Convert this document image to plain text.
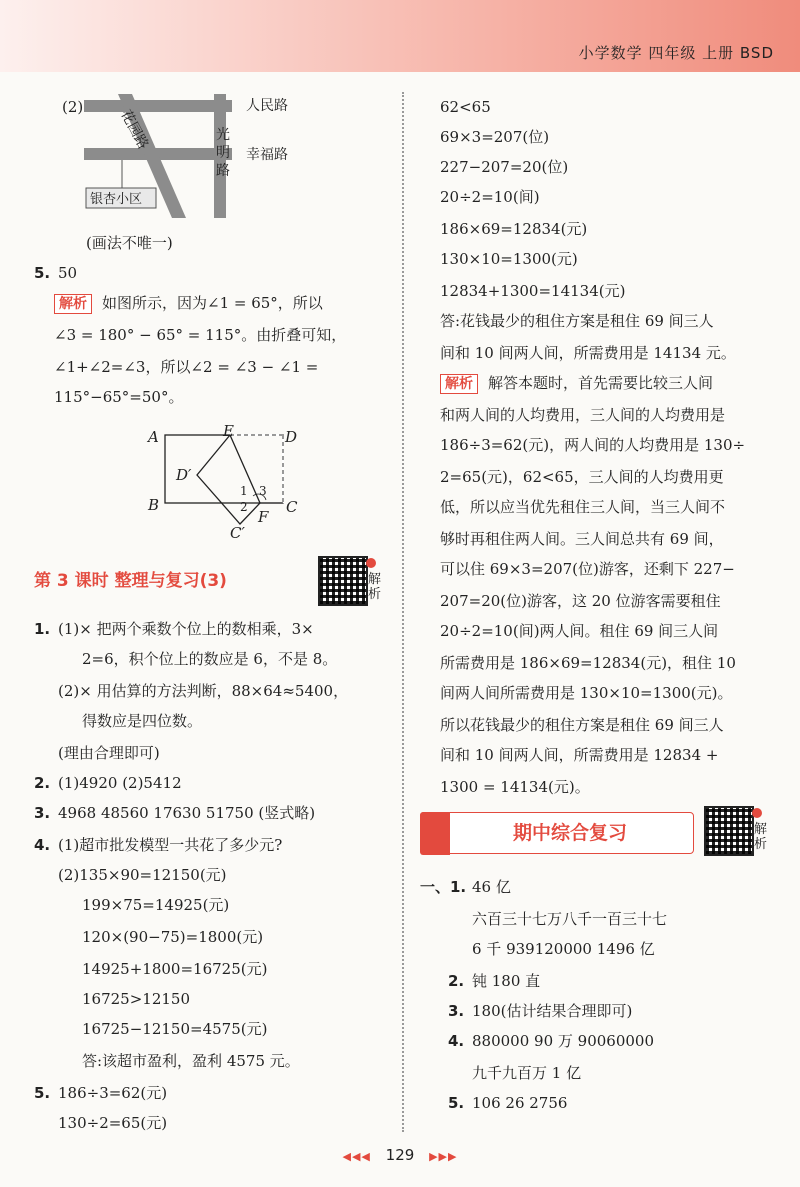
小学数学 四年级 上册 BSD
(2)	人民路
幸福路
花园路	光明路
银杏小区
(画法不唯一)
5. 50
解析 如图所示，因为∠1 = 65°，所以
∠3 = 180° − 65° = 115°。由折叠可知，
∠1+∠2=∠3，所以∠2 = ∠3 − ∠1 =
115°−65°=50°。
A	E	D
D′
B	C
F
C′
1
2
3
第 3 课时 整理与复习(3)	解析
1. (1)× 把两个乘数个位上的数相乘，3×
2=6，积个位上的数应是 6，不是 8。
(2)× 用估算的方法判断，88×64≈5400，
得数应是四位数。
(理由合理即可)
2. (1)4920 (2)5412
3. 4968 48560 17630 51750 (竖式略)
4. (1)超市批发模型一共花了多少元?
(2)135×90=12150(元)
199×75=14925(元)
120×(90−75)=1800(元)
14925+1800=16725(元)
16725>12150
16725−12150=4575(元)
答:该超市盈利，盈利 4575 元。
5. 186÷3=62(元)
130÷2=65(元)
62<65
69×3=207(位)
227−207=20(位)
20÷2=10(间)
186×69=12834(元)
130×10=1300(元)
12834+1300=14134(元)
答:花钱最少的租住方案是租住 69 间三人
间和 10 间两人间，所需费用是 14134 元。
解析 解答本题时，首先需要比较三人间
和两人间的人均费用，三人间的人均费用是
186÷3=62(元)，两人间的人均费用是 130÷
2=65(元)，62<65，三人间的人均费用更
低，所以应当优先租住三人间，当三人间不
够时再租住两人间。三人间总共有 69 间，
可以住 69×3=207(位)游客，还剩下 227−
207=20(位)游客，这 20 位游客需要租住
20÷2=10(间)两人间。租住 69 间三人间
所需费用是 186×69=12834(元)，租住 10
间两人间所需费用是 130×10=1300(元)。
所以花钱最少的租住方案是租住 69 间三人
间和 10 间两人间，所需费用是 12834 +
1300 = 14134(元)。
期中综合复习	解析
一、1. 46 亿
六百三十七万八千一百三十七
6 千 939120000 1496 亿
2. 钝 180 直
3. 180(估计结果合理即可)
4. 880000 90 万 90060000
九千九百万 1 亿
5. 106 26 2756
◀◀◀ 129 ▶▶▶
